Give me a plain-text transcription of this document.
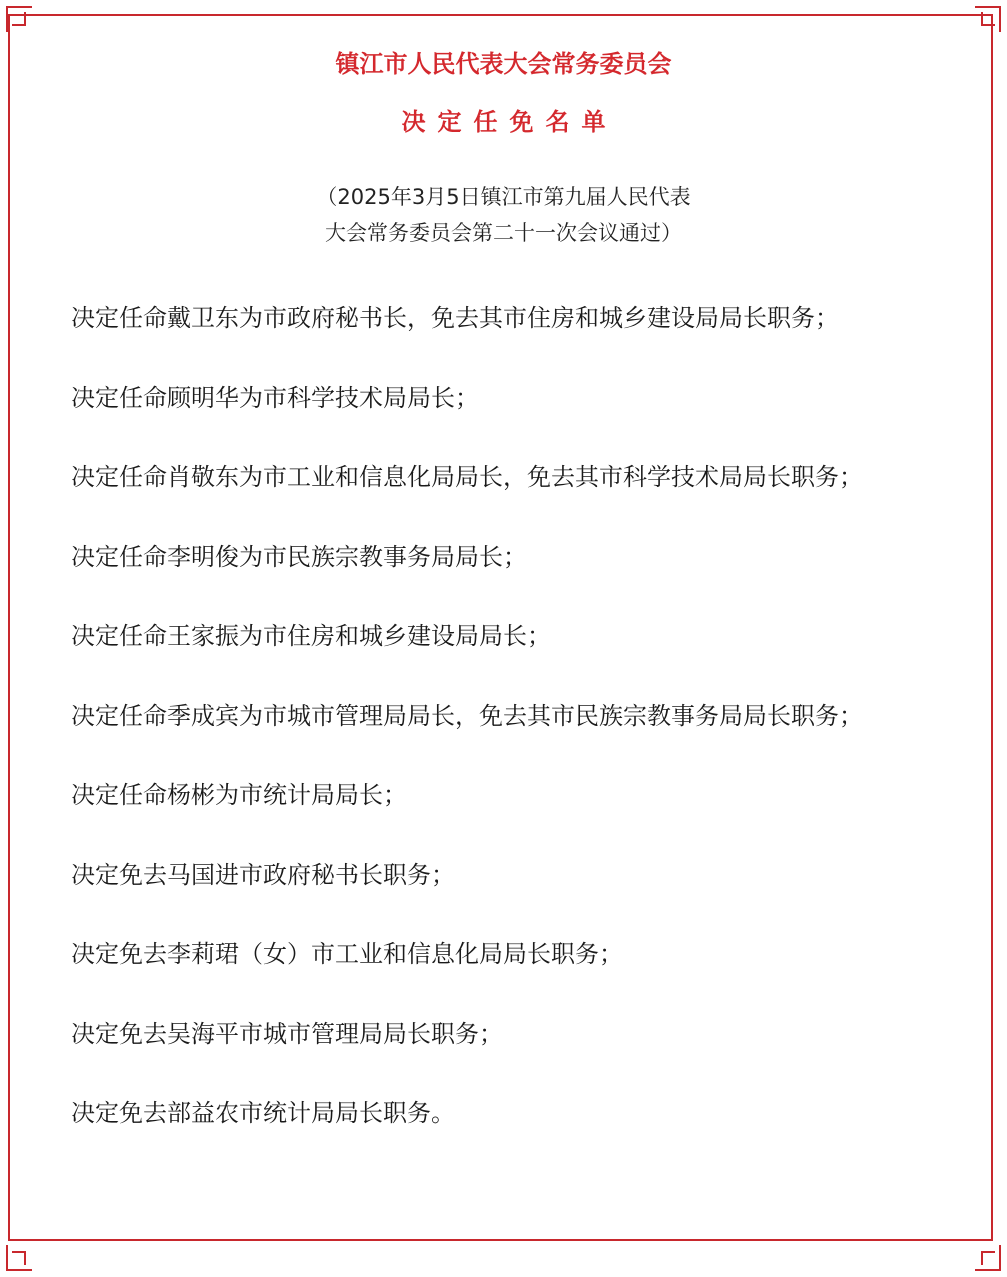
镇江市人民代表大会常务委员会
决定任免名单
（2025年3月5日镇江市第九届人民代表
大会常务委员会第二十一次会议通过）
决定任命戴卫东为市政府秘书长，免去其市住房和城乡建设局局长职务；
决定任命顾明华为市科学技术局局长；
决定任命肖敬东为市工业和信息化局局长，免去其市科学技术局局长职务；
决定任命李明俊为市民族宗教事务局局长；
决定任命王家振为市住房和城乡建设局局长；
决定任命季成宾为市城市管理局局长，免去其市民族宗教事务局局长职务；
决定任命杨彬为市统计局局长；
决定免去马国进市政府秘书长职务；
决定免去李莉珺（女）市工业和信息化局局长职务；
决定免去吴海平市城市管理局局长职务；
决定免去部益农市统计局局长职务。
